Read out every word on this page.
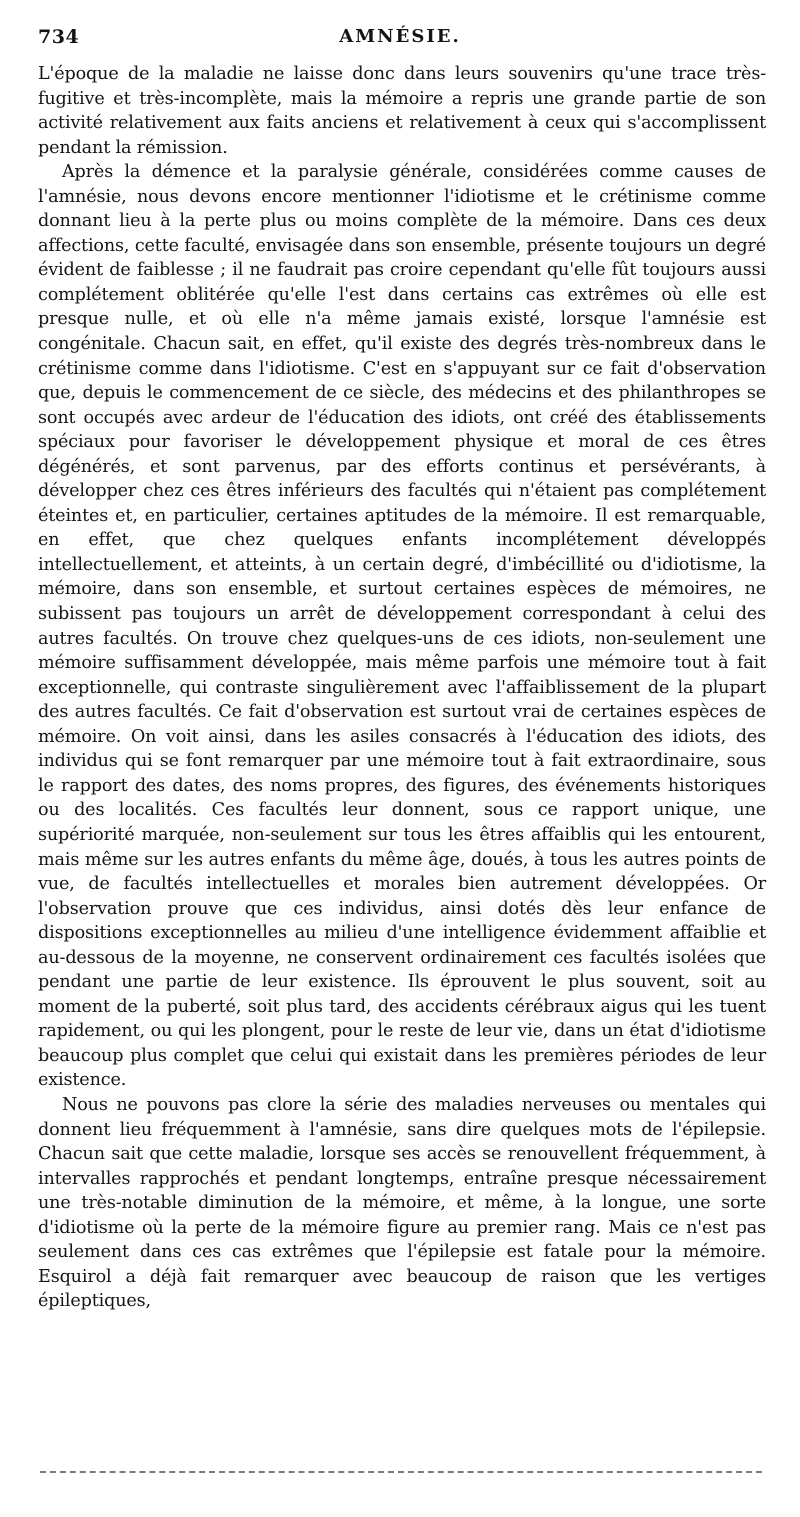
734	AMNÉSIE.

L'époque de la maladie ne laisse donc dans leurs souvenirs qu'une trace très-fugitive et très-incomplète, mais la mémoire a repris une grande partie de son activité relativement aux faits anciens et relativement à ceux qui s'accomplissent pendant la rémission.

Après la démence et la paralysie générale, considérées comme causes de l'amnésie, nous devons encore mentionner l'idiotisme et le crétinisme comme donnant lieu à la perte plus ou moins complète de la mémoire. Dans ces deux affections, cette faculté, envisagée dans son ensemble, présente toujours un degré évident de faiblesse ; il ne faudrait pas croire cependant qu'elle fût toujours aussi complétement oblitérée qu'elle l'est dans certains cas extrêmes où elle est presque nulle, et où elle n'a même jamais existé, lorsque l'amnésie est congénitale. Chacun sait, en effet, qu'il existe des degrés très-nombreux dans le crétinisme comme dans l'idiotisme. C'est en s'appuyant sur ce fait d'observation que, depuis le commencement de ce siècle, des médecins et des philanthropes se sont occupés avec ardeur de l'éducation des idiots, ont créé des établissements spéciaux pour favoriser le développement physique et moral de ces êtres dégénérés, et sont parvenus, par des efforts continus et persévérants, à développer chez ces êtres inférieurs des facultés qui n'étaient pas complétement éteintes et, en particulier, certaines aptitudes de la mémoire. Il est remarquable, en effet, que chez quelques enfants incomplétement développés intellectuellement, et atteints, à un certain degré, d'imbécillité ou d'idiotisme, la mémoire, dans son ensemble, et surtout certaines espèces de mémoires, ne subissent pas toujours un arrêt de développement correspondant à celui des autres facultés. On trouve chez quelques-uns de ces idiots, non-seulement une mémoire suffisamment développée, mais même parfois une mémoire tout à fait exceptionnelle, qui contraste singulièrement avec l'affaiblissement de la plupart des autres facultés. Ce fait d'observation est surtout vrai de certaines espèces de mémoire. On voit ainsi, dans les asiles consacrés à l'éducation des idiots, des individus qui se font remarquer par une mémoire tout à fait extraordinaire, sous le rapport des dates, des noms propres, des figures, des événements historiques ou des localités. Ces facultés leur donnent, sous ce rapport unique, une supériorité marquée, non-seulement sur tous les êtres affaiblis qui les entourent, mais même sur les autres enfants du même âge, doués, à tous les autres points de vue, de facultés intellectuelles et morales bien autrement développées. Or l'observation prouve que ces individus, ainsi dotés dès leur enfance de dispositions exceptionnelles au milieu d'une intelligence évidemment affaiblie et au-dessous de la moyenne, ne conservent ordinairement ces facultés isolées que pendant une partie de leur existence. Ils éprouvent le plus souvent, soit au moment de la puberté, soit plus tard, des accidents cérébraux aigus qui les tuent rapidement, ou qui les plongent, pour le reste de leur vie, dans un état d'idiotisme beaucoup plus complet que celui qui existait dans les premières périodes de leur existence.

Nous ne pouvons pas clore la série des maladies nerveuses ou mentales qui donnent lieu fréquemment à l'amnésie, sans dire quelques mots de l'épilepsie. Chacun sait que cette maladie, lorsque ses accès se renouvellent fréquemment, à intervalles rapprochés et pendant longtemps, entraîne presque nécessairement une très-notable diminution de la mémoire, et même, à la longue, une sorte d'idiotisme où la perte de la mémoire figure au premier rang. Mais ce n'est pas seulement dans ces cas extrêmes que l'épilepsie est fatale pour la mémoire. Esquirol a déjà fait remarquer avec beaucoup de raison que les vertiges épileptiques,
